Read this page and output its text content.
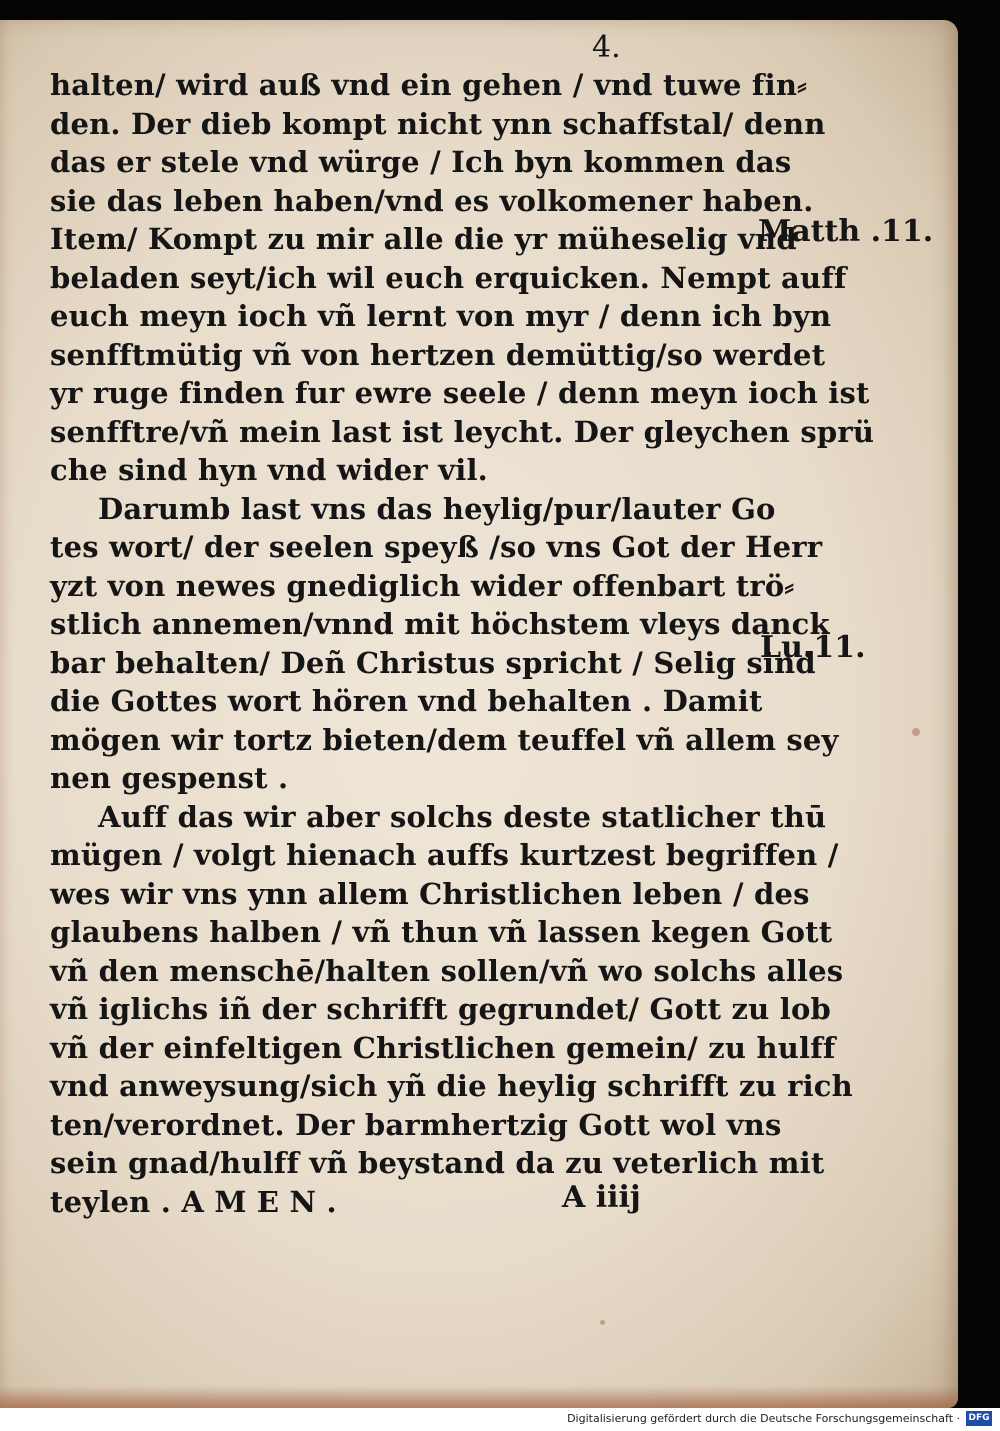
4.
halten/ wird auß vnd ein gehen / vnd tuwe fin⸗
den. Der dieb kompt nicht ynn schaffstal/ denn
das er stele vnd würge / Ich byn kommen das
sie das leben haben/vnd es volkomener haben.
Item/ Kompt zu mir alle die yr müheselig vnd
beladen seyt/ich wil euch erquicken. Nempt auff
euch meyn ioch vñ lernt von myr / denn ich byn
senfftmütig vñ von hertzen demüttig/so werdet
yr ruge finden fur ewre seele / denn meyn ioch ist
senfftre/vñ mein last ist leycht. Der gleychen sprü
che sind hyn vnd wider vil.
Darumb last vns das heylig/pur/lauter Go
tes wort/ der seelen speyß /so vns Got der Herr
yzt von newes gnediglich wider offenbart trö⸗
stlich annemen/vnnd mit höchstem vleys danck
bar behalten/ Deñ Christus spricht / Selig sind
die Gottes wort hören vnd behalten . Damit
mögen wir tortz bieten/dem teuffel vñ allem sey
nen gespenst .
Auff das wir aber solchs deste statlicher thū
mügen / volgt hienach auffs kurtzest begriffen /
wes wir vns ynn allem Christlichen leben / des
glaubens halben / vñ thun vñ lassen kegen Gott
vñ den menschē/halten sollen/vñ wo solchs alles
vñ iglichs iñ der schrifft gegrundet/ Gott zu lob
vñ der einfeltigen Christlichen gemein/ zu hulff
vnd anweysung/sich yñ die heylig schrifft zu rich
ten/verordnet. Der barmhertzig Gott wol vns
sein gnad/hulff vñ beystand da zu veterlich mit
teylen . A M E N .
Matth .11.
Lu.11.
A iiij
Digitalisierung gefördert durch die Deutsche Forschungsgemeinschaft · DFG
